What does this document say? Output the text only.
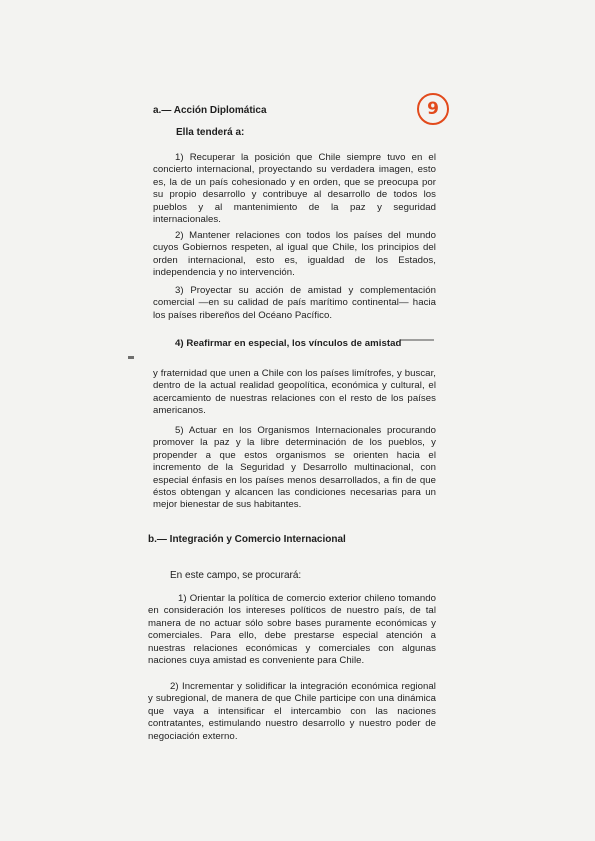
9

a.— Acción Diplomática

Ella tenderá a:

1) Recuperar la posición que Chile siempre tuvo en el concierto internacional, proyectando su verdadera imagen, esto es, la de un país cohesionado y en orden, que se preocupa por su propio desarrollo y contribuye al desarrollo de todos los pueblos y al mantenimiento de la paz y seguridad internacionales.

2) Mantener relaciones con todos los países del mundo cuyos Gobiernos respeten, al igual que Chile, los principios del orden internacional, esto es, igualdad de los Estados, independencia y no intervención.

3) Proyectar su acción de amistad y complementación comercial —en su calidad de país marítimo continental— hacia los países ribereños del Océano Pacífico.

4) Reafirmar en especial, los vínculos de amistad

y fraternidad que unen a Chile con los países limítrofes, y buscar, dentro de la actual realidad geopolítica, económica y cultural, el acercamiento de nuestras relaciones con el resto de los países americanos.

5) Actuar en los Organismos Internacionales procurando promover la paz y la libre determinación de los pueblos, y propender a que estos organismos se orienten hacia el incremento de la Seguridad y Desarrollo multinacional, con especial énfasis en los países menos desarrollados, a fin de que éstos obtengan y alcancen las condiciones necesarias para un mejor bienestar de sus habitantes.

b.— Integración y Comercio Internacional

En este campo, se procurará:

1) Orientar la política de comercio exterior chileno tomando en consideración los intereses políticos de nuestro país, de tal manera de no actuar sólo sobre bases puramente económicas y comerciales. Para ello, debe prestarse especial atención a nuestras relaciones económicas y comerciales con algunas naciones cuya amistad es conveniente para Chile.

2) Incrementar y solidificar la integración económica regional y subregional, de manera de que Chile participe con una dinámica que vaya a intensificar el intercambio con las naciones contratantes, estimulando nuestro desarrollo y nuestro poder de negociación externo.
